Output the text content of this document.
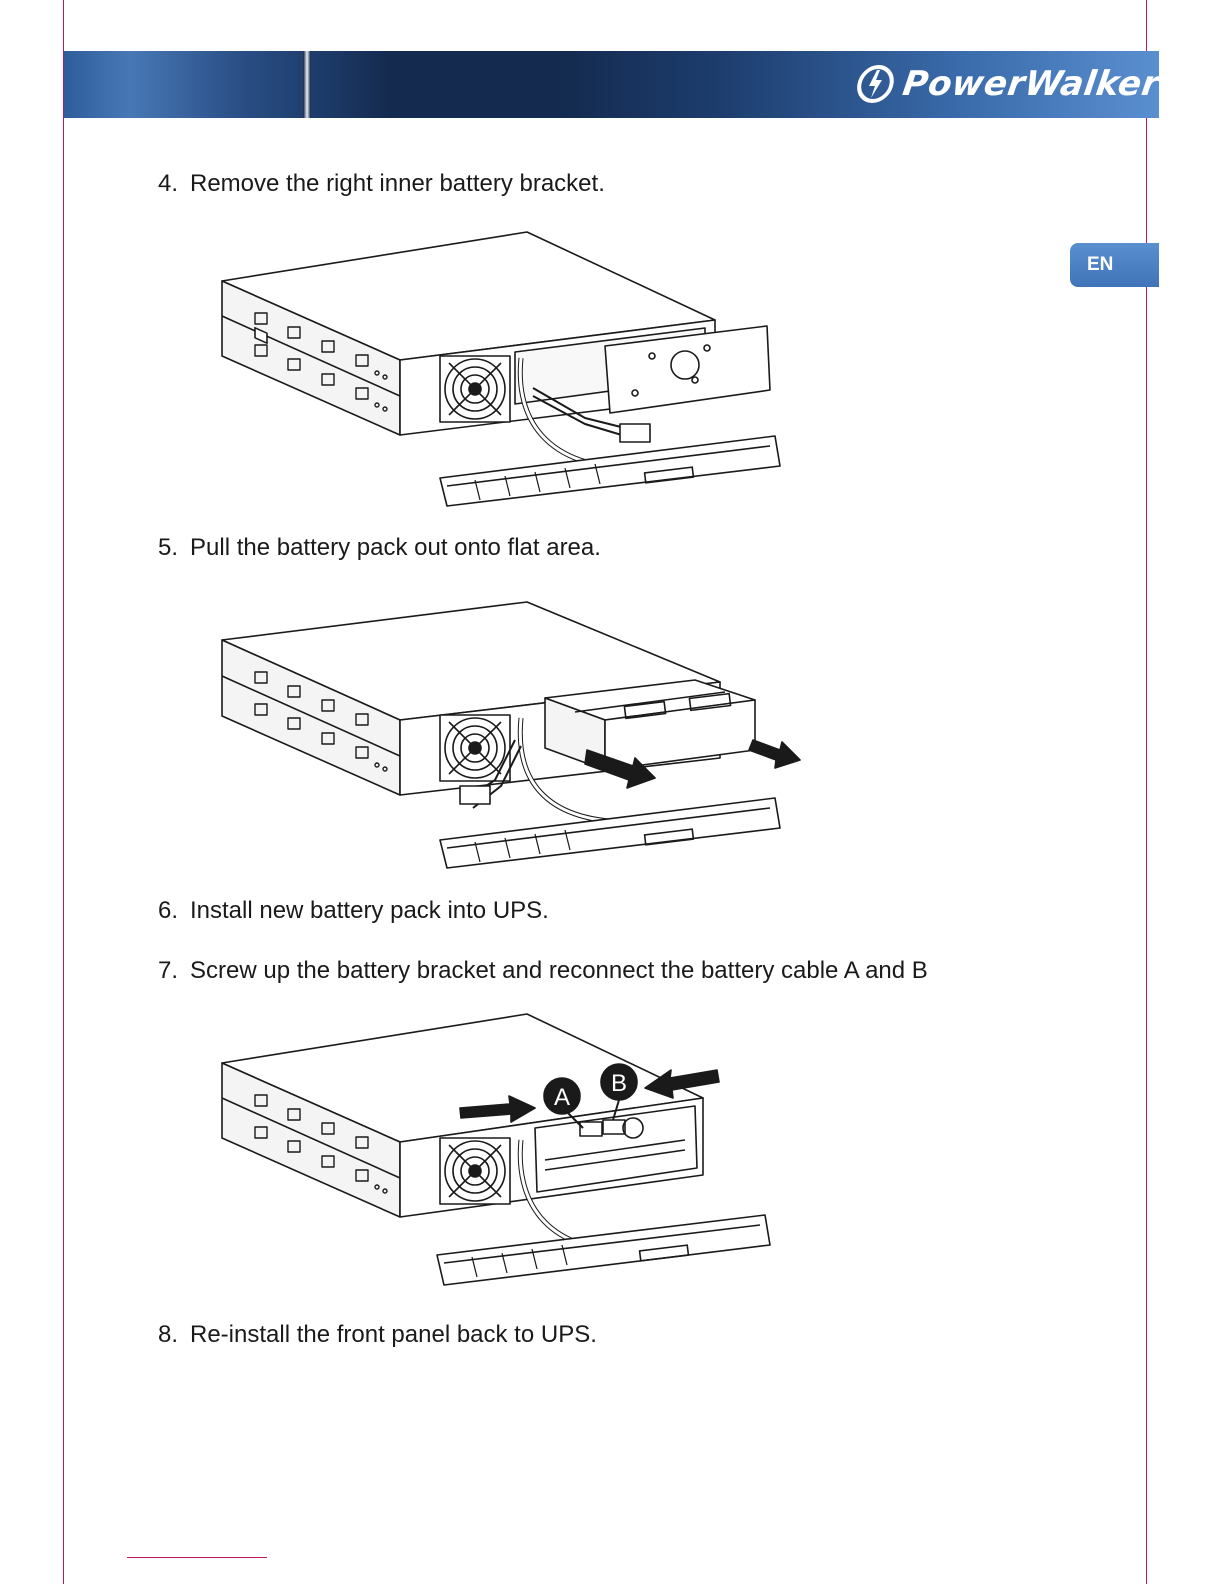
PowerWalker
EN
4. Remove the right inner battery bracket.
5. Pull the battery pack out onto flat area.
6. Install new battery pack into UPS.
7. Screw up the battery bracket and reconnect the battery cable A and B
A
B
8. Re-install the front panel back to UPS.
